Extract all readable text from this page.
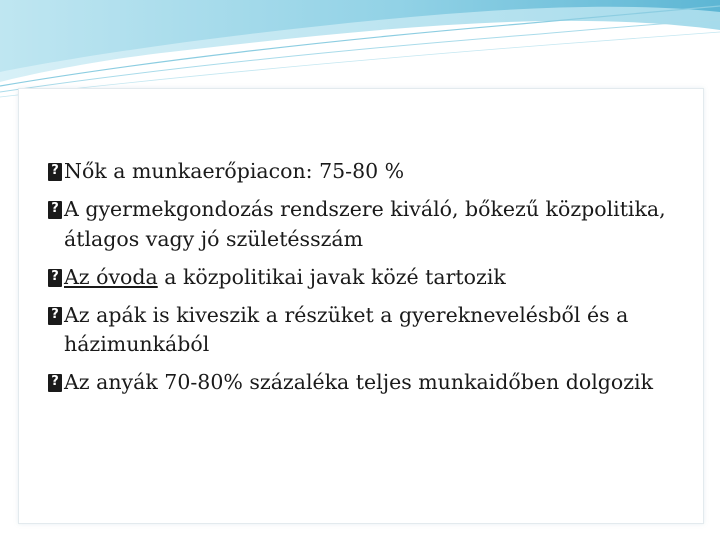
?
Nők a munkaerőpiacon: 75-80 %
?
A gyermekgondozás rendszere kiváló, bőkezű közpolitika, átlagos vagy jó születésszám
?
Az óvoda a közpolitikai javak közé tartozik
?
Az apák is kiveszik a részüket a gyereknevelésből és a házimunkából
?
Az anyák 70-80% százaléka teljes munkaidőben dolgozik
